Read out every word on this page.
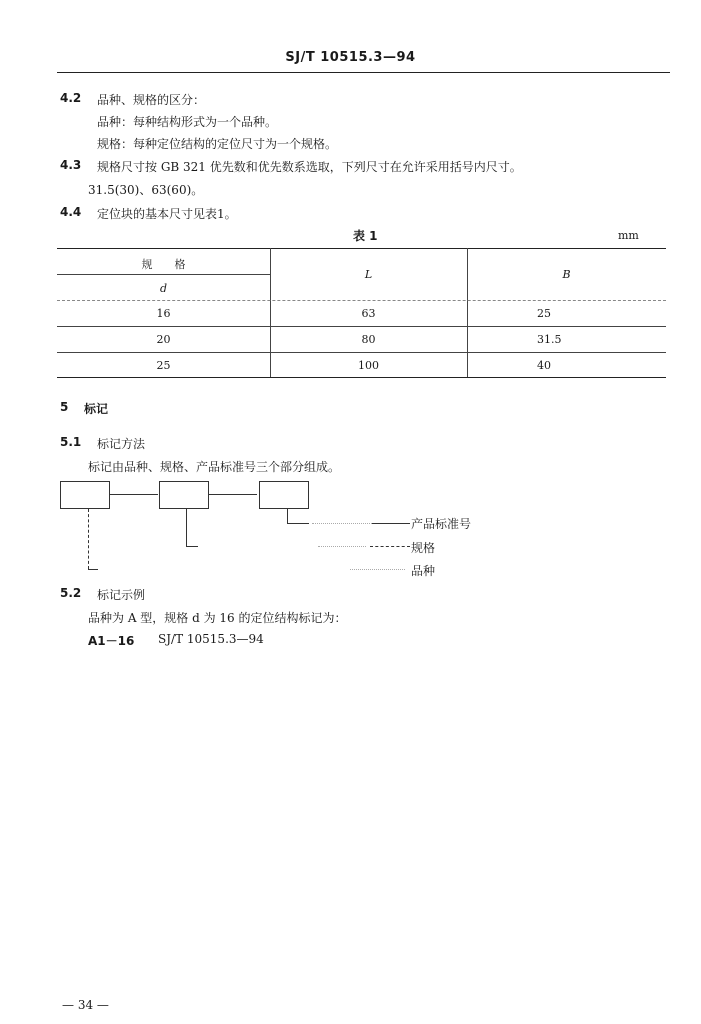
SJ/T 10515.3—94
4.2 品种、规格的区分：
品种：每种结构形式为一个品种。
规格：每种定位结构的定位尺寸为一个规格。
4.3 规格尺寸按 GB 321 优先数和优先数系选取，下列尺寸在允许采用括号内尺寸。
31.5(30)、63(60)。
4.4 定位块的基本尺寸见表1。
表 1	mm
规　　格
d
L	B
16	63	25
20	80	31.5
25	100	40
5 标记
5.1 标记方法
标记由品种、规格、产品标准号三个部分组成。
产品标准号
规格
品种
5.2 标记示例
品种为 A 型，规格 d 为 16 的定位结构标记为：
A1－16 SJ/T 10515.3—94
— 34 —
